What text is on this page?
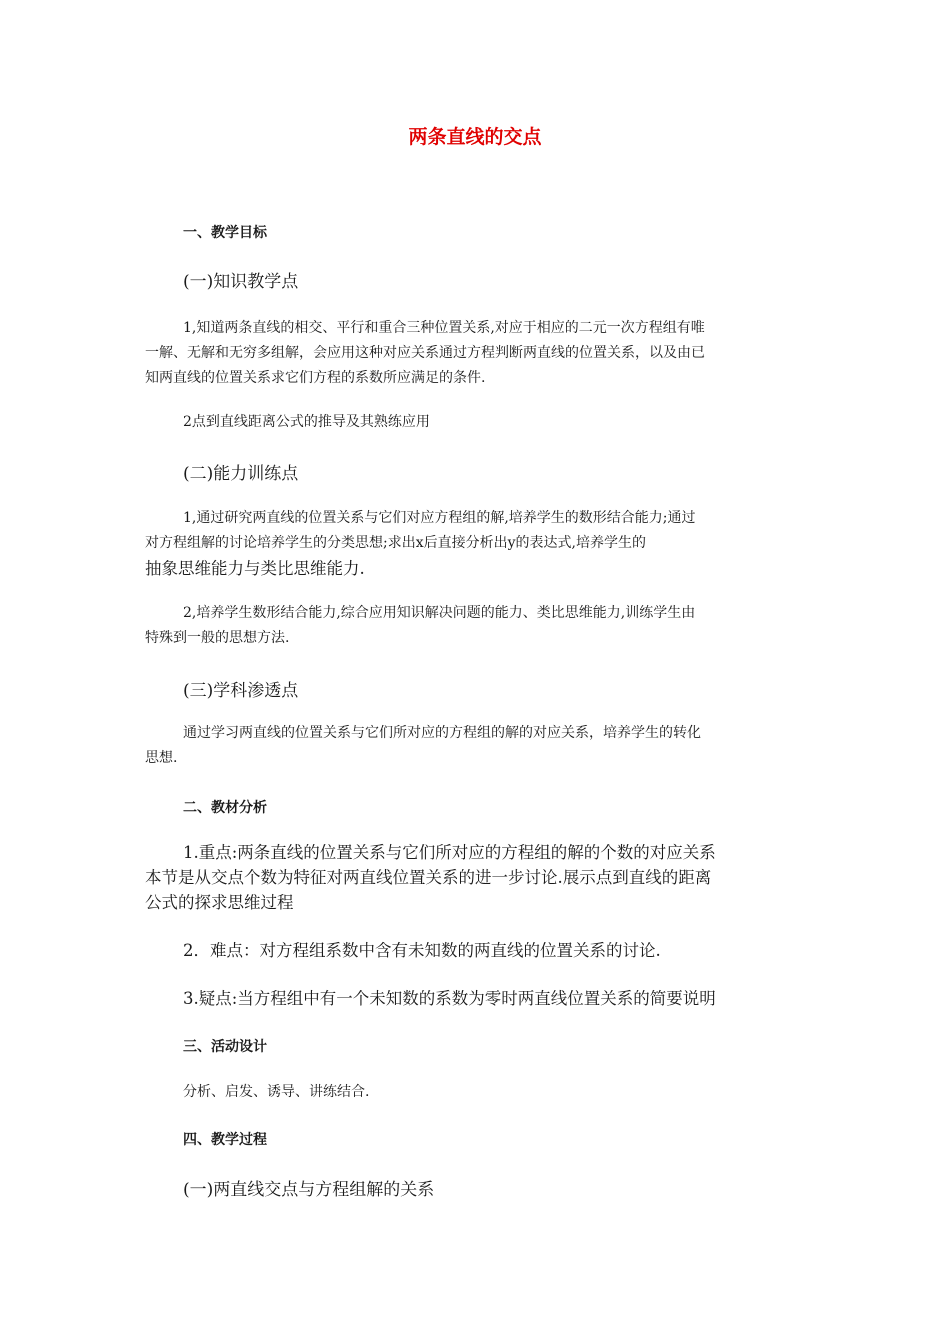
两条直线的交点
一、教学目标
(一)知识教学点
1,知道两条直线的相交、平行和重合三种位置关系,对应于相应的二元一次方程组有唯
一解、无解和无穷多组解，会应用这种对应关系通过方程判断两直线的位置关系，以及由已
知两直线的位置关系求它们方程的系数所应满足的条件.
2点到直线距离公式的推导及其熟练应用
(二)能力训练点
1,通过研究两直线的位置关系与它们对应方程组的解,培养学生的数形结合能力;通过
对方程组解的讨论培养学生的分类思想;求出x后直接分析出y的表达式,培养学生的
抽象思维能力与类比思维能力.
2,培养学生数形结合能力,综合应用知识解决问题的能力、类比思维能力,训练学生由
特殊到一般的思想方法.
(三)学科渗透点
通过学习两直线的位置关系与它们所对应的方程组的解的对应关系，培养学生的转化
思想.
二、教材分析
1.重点:两条直线的位置关系与它们所对应的方程组的解的个数的对应关系
本节是从交点个数为特征对两直线位置关系的进一步讨论.展示点到直线的距离
公式的探求思维过程
2．难点：对方程组系数中含有未知数的两直线的位置关系的讨论.
3.疑点:当方程组中有一个未知数的系数为零时两直线位置关系的简要说明
三、活动设计
分析、启发、诱导、讲练结合.
四、教学过程
(一)两直线交点与方程组解的关系
